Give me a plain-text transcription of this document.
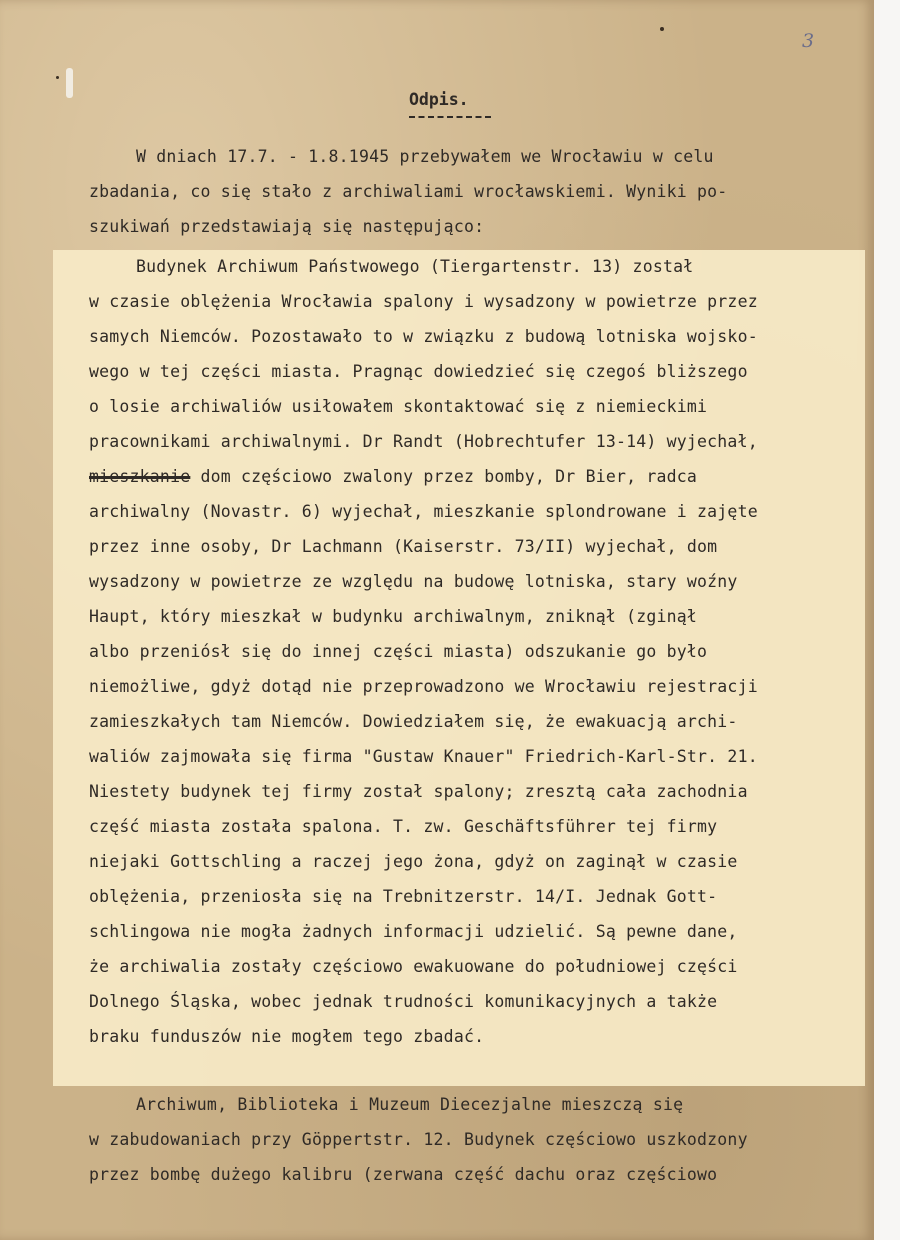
3
Odpis.
W dniach 17.7. - 1.8.1945 przebywałem we Wrocławiu w celu
zbadania, co się stało z archiwaliami wrocławskiemi. Wyniki po-
szukiwań przedstawiają się następująco:
Budynek Archiwum Państwowego (Tiergartenstr. 13) został
w czasie oblężenia Wrocławia spalony i wysadzony w powietrze przez
samych Niemców. Pozostawało to w związku z budową lotniska wojsko-
wego w tej części miasta. Pragnąc dowiedzieć się czegoś bliższego
o losie archiwaliów usiłowałem skontaktować się z niemieckimi
pracownikami archiwalnymi. Dr Randt (Hobrechtufer 13-14) wyjechał,
mieszkanie dom częściowo zwalony przez bomby, Dr Bier, radca
archiwalny (Novastr. 6) wyjechał, mieszkanie splondrowane i zajęte
przez inne osoby, Dr Lachmann (Kaiserstr. 73/II) wyjechał, dom
wysadzony w powietrze ze względu na budowę lotniska, stary woźny
Haupt, który mieszkał w budynku archiwalnym, zniknął (zginął
albo przeniósł się do innej części miasta) odszukanie go było
niemożliwe, gdyż dotąd nie przeprowadzono we Wrocławiu rejestracji
zamieszkałych tam Niemców. Dowiedziałem się, że ewakuacją archi-
waliów zajmowała się firma "Gustaw Knauer" Friedrich-Karl-Str. 21.
Niestety budynek tej firmy został spalony; zresztą cała zachodnia
część miasta została spalona. T. zw. Geschäftsführer tej firmy
niejaki Gottschling a raczej jego żona, gdyż on zaginął w czasie
oblężenia, przeniosła się na Trebnitzerstr. 14/I. Jednak Gott-
schlingowa nie mogła żadnych informacji udzielić. Są pewne dane,
że archiwalia zostały częściowo ewakuowane do południowej części
Dolnego Śląska, wobec jednak trudności komunikacyjnych a także
braku funduszów nie mogłem tego zbadać.
Archiwum, Biblioteka i Muzeum Diecezjalne mieszczą się
w zabudowaniach przy Göppertstr. 12. Budynek częściowo uszkodzony
przez bombę dużego kalibru (zerwana część dachu oraz częściowo
